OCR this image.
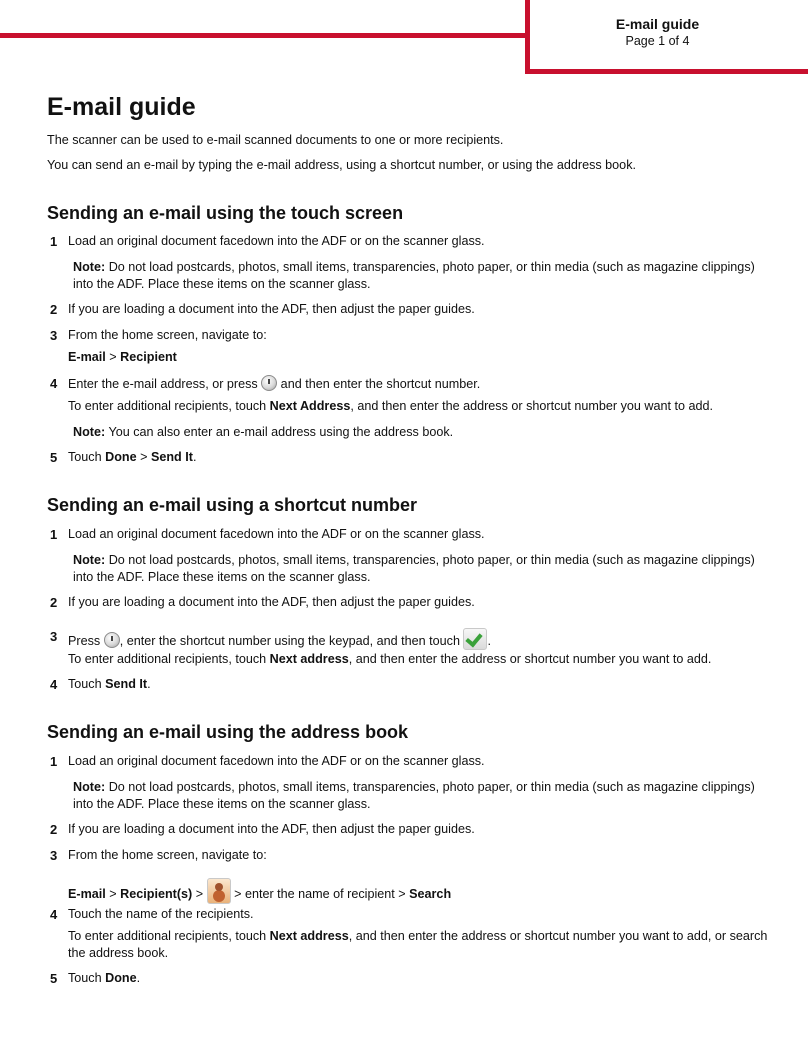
E-mail guide
Page 1 of 4
E-mail guide
The scanner can be used to e-mail scanned documents to one or more recipients.
You can send an e-mail by typing the e-mail address, using a shortcut number, or using the address book.
Sending an e-mail using the touch screen
1 Load an original document facedown into the ADF or on the scanner glass.
Note: Do not load postcards, photos, small items, transparencies, photo paper, or thin media (such as magazine clippings) into the ADF. Place these items on the scanner glass.
2 If you are loading a document into the ADF, then adjust the paper guides.
3 From the home screen, navigate to:
E-mail > Recipient
4 Enter the e-mail address, or press  and then enter the shortcut number.
To enter additional recipients, touch Next Address, and then enter the address or shortcut number you want to add.
Note: You can also enter an e-mail address using the address book.
5 Touch Done > Send It.
Sending an e-mail using a shortcut number
1 Load an original document facedown into the ADF or on the scanner glass.
Note: Do not load postcards, photos, small items, transparencies, photo paper, or thin media (such as magazine clippings) into the ADF. Place these items on the scanner glass.
2 If you are loading a document into the ADF, then adjust the paper guides.
3 Press , enter the shortcut number using the keypad, and then touch .
To enter additional recipients, touch Next address, and then enter the address or shortcut number you want to add.
4 Touch Send It.
Sending an e-mail using the address book
1 Load an original document facedown into the ADF or on the scanner glass.
Note: Do not load postcards, photos, small items, transparencies, photo paper, or thin media (such as magazine clippings) into the ADF. Place these items on the scanner glass.
2 If you are loading a document into the ADF, then adjust the paper guides.
3 From the home screen, navigate to:
E-mail > Recipient(s) >  > enter the name of recipient > Search
4 Touch the name of the recipients.
To enter additional recipients, touch Next address, and then enter the address or shortcut number you want to add, or search the address book.
5 Touch Done.
